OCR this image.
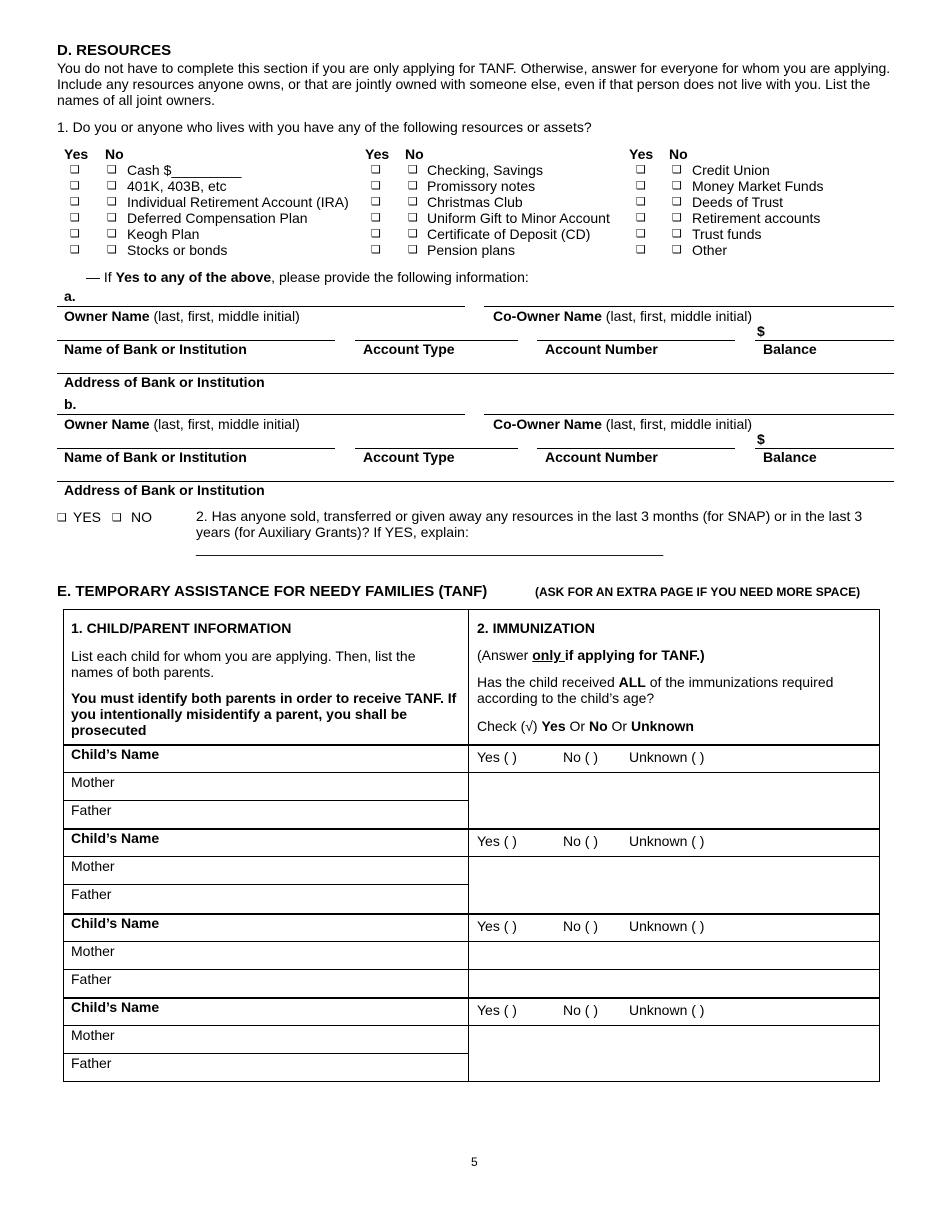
D. RESOURCES
You do not have to complete this section if you are only applying for TANF. Otherwise, answer for everyone for whom you are applying. Include any resources anyone owns, or that are jointly owned with someone else, even if that person does not live with you. List the names of all joint owners.
1. Do you or anyone who lives with you have any of the following resources or assets?
Yes No	Yes No	Yes No
❑ ❑ Cash $_________
❑ ❑ 401K, 403B, etc
❑ ❑ Individual Retirement Account (IRA)
❑ ❑ Deferred Compensation Plan
❑ ❑ Keogh Plan
❑ ❑ Stocks or bonds
❑ ❑ Checking, Savings
❑ ❑ Promissory notes
❑ ❑ Christmas Club
❑ ❑ Uniform Gift to Minor Account
❑ ❑ Certificate of Deposit (CD)
❑ ❑ Pension plans
❑ ❑ Credit Union
❑ ❑ Money Market Funds
❑ ❑ Deeds of Trust
❑ ❑ Retirement accounts
❑ ❑ Trust funds
❑ ❑ Other
— If Yes to any of the above, please provide the following information:
a.
Owner Name (last, first, middle initial)	Co-Owner Name (last, first, middle initial)
$
Name of Bank or Institution	Account Type	Account Number	Balance
Address of Bank or Institution
b.
Owner Name (last, first, middle initial)	Co-Owner Name (last, first, middle initial)
$
Name of Bank or Institution	Account Type	Account Number	Balance
Address of Bank or Institution
❑ YES ❑ NO	2. Has anyone sold, transferred or given away any resources in the last 3 months (for SNAP) or in the last 3 years (for Auxiliary Grants)? If YES, explain: ____________________________________________________________
E. TEMPORARY ASSISTANCE FOR NEEDY FAMILIES (TANF)	(ASK FOR AN EXTRA PAGE IF YOU NEED MORE SPACE)
1. CHILD/PARENT INFORMATION
List each child for whom you are applying. Then, list the names of both parents.
You must identify both parents in order to receive TANF. If you intentionally misidentify a parent, you shall be prosecuted
2. IMMUNIZATION
(Answer only if applying for TANF.)
Has the child received ALL of the immunizations required according to the child’s age?
Check (√) Yes Or No Or Unknown
Child’s Name	Yes ( )	No ( ) Unknown ( )
Mother
Father
Child’s Name	Yes ( )	No ( ) Unknown ( )
Mother
Father
Child’s Name	Yes ( )	No ( ) Unknown ( )
Mother
Father
Child’s Name	Yes ( )	No ( ) Unknown ( )
Mother
Father
5
